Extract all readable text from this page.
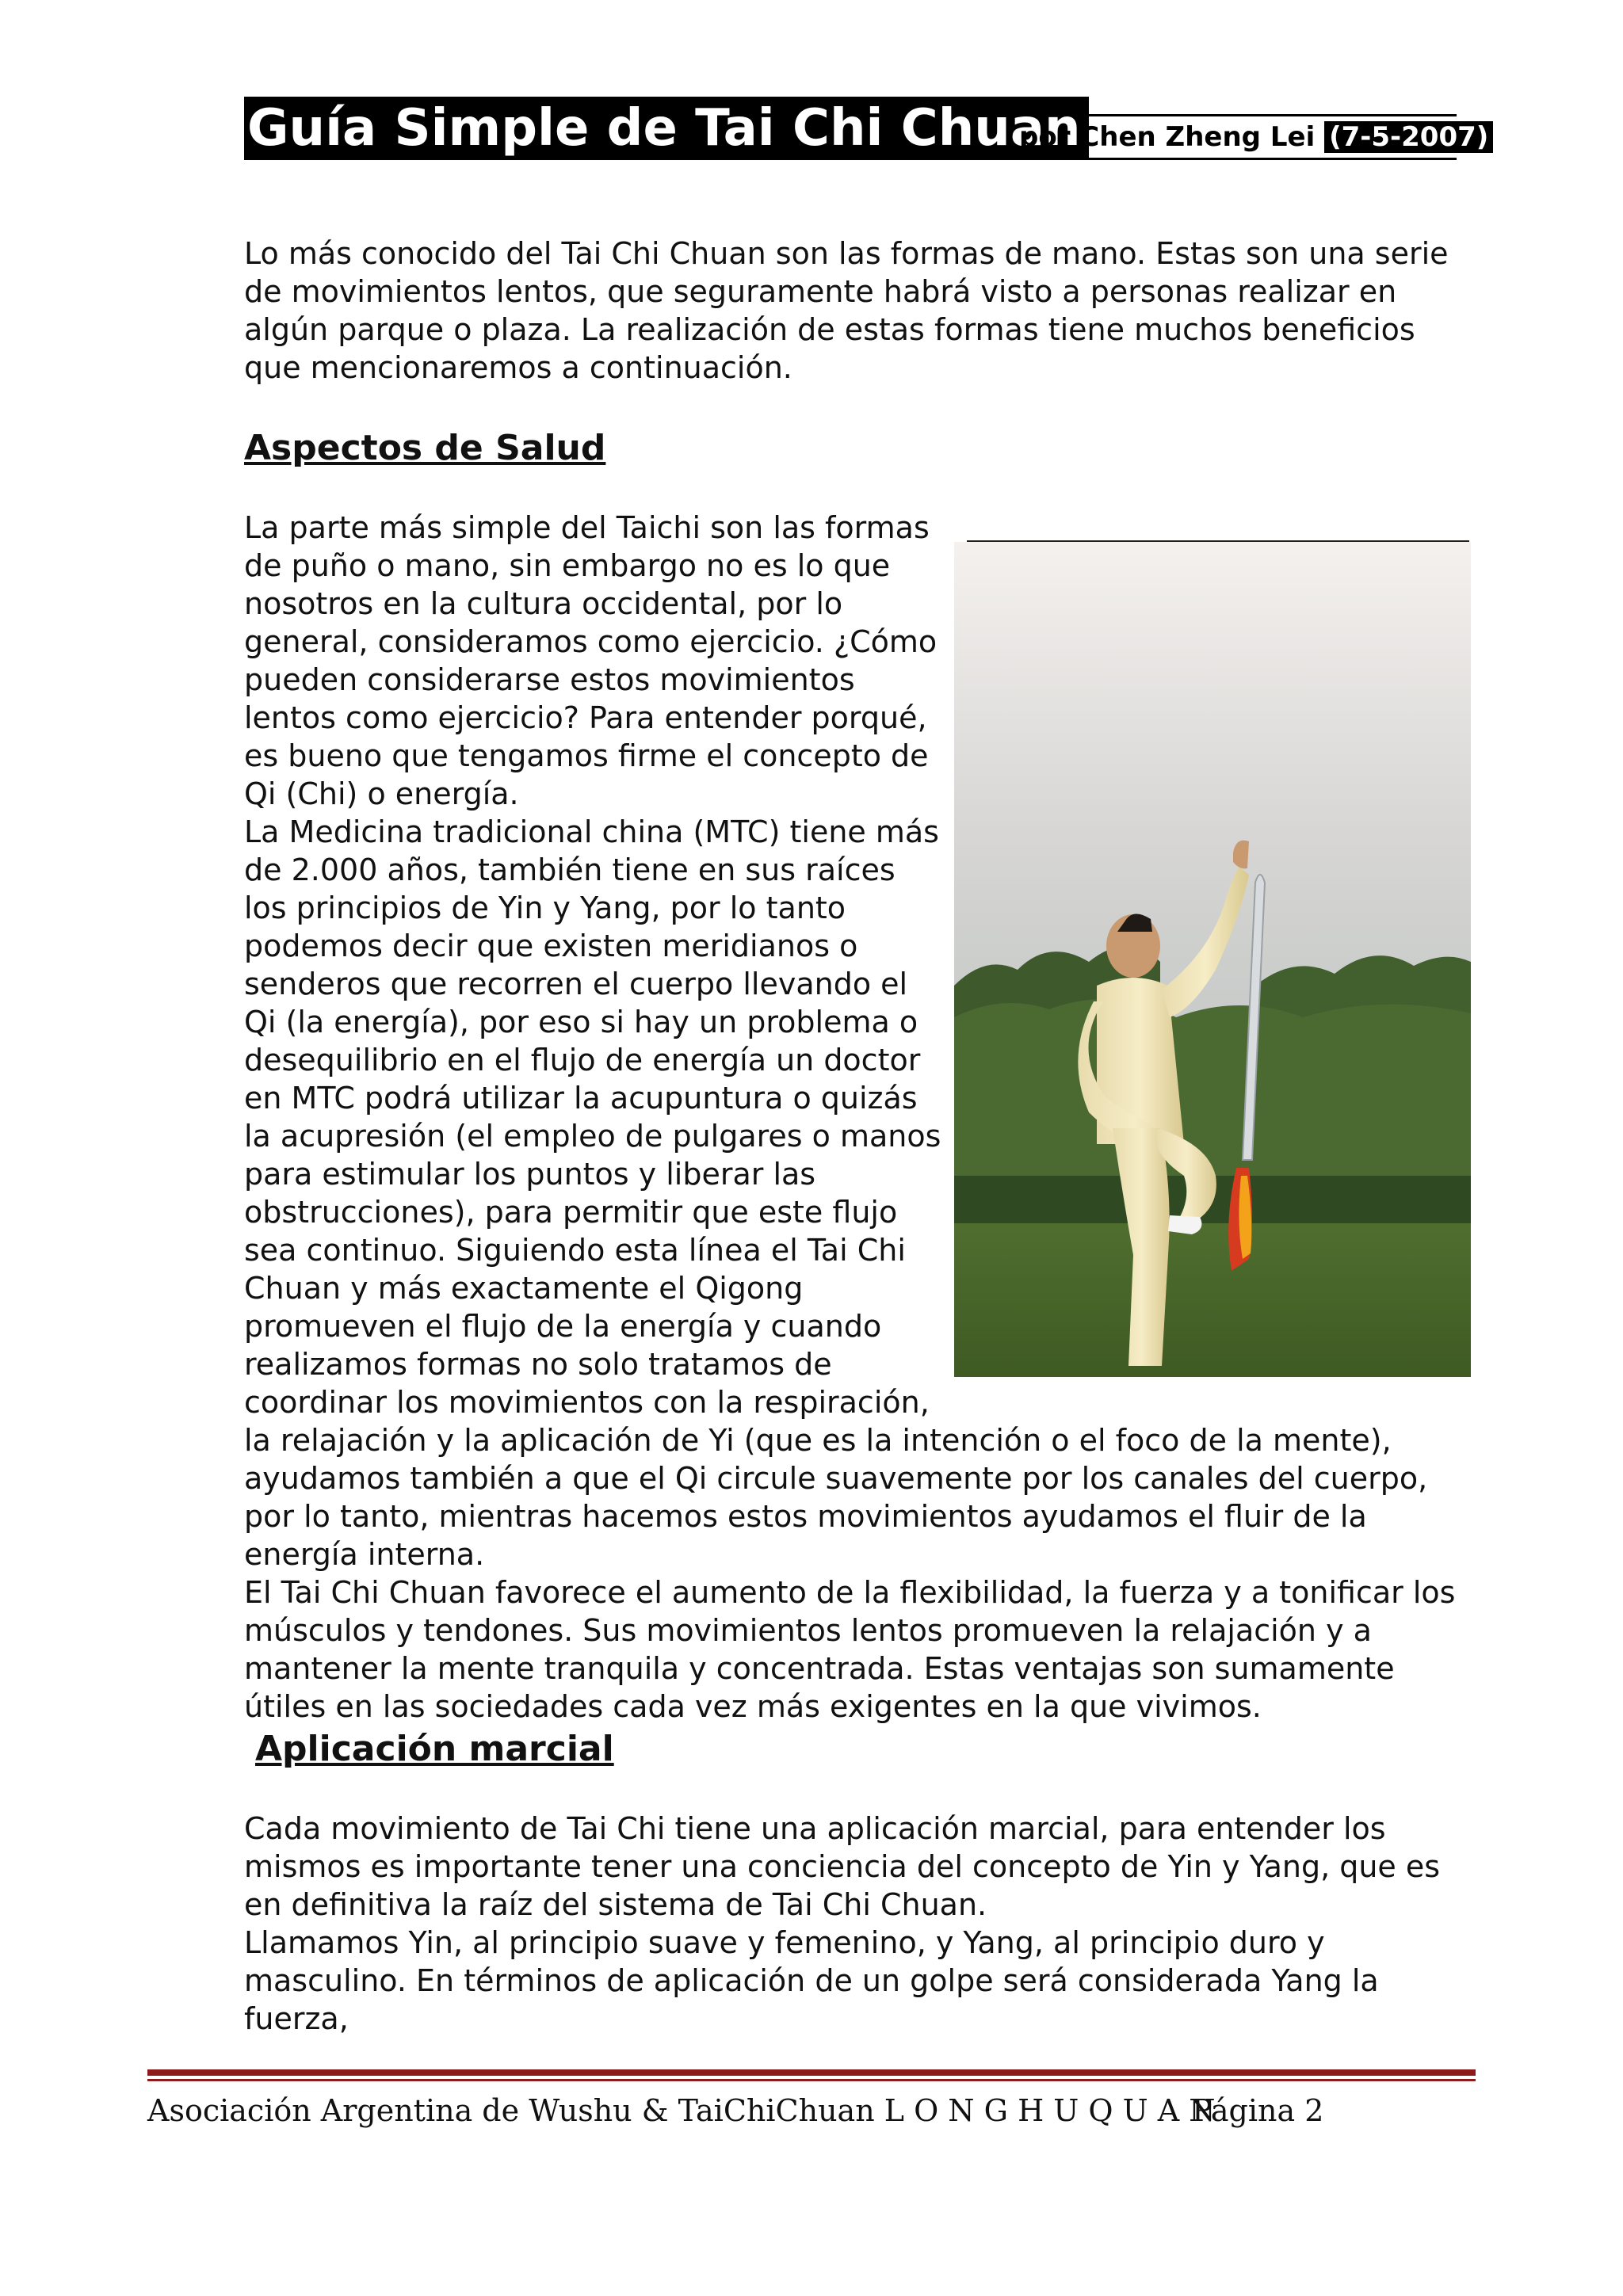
Guía Simple de Tai Chi Chuan
por Chen Zheng Lei (7-5-2007)

Lo más conocido del Tai Chi Chuan son las formas de mano. Estas son una serie de movimientos lentos, que seguramente habrá visto a personas realizar en algún parque o plaza. La realización de estas formas tiene muchos beneficios que mencionaremos a continuación.

Aspectos de Salud
La parte más simple del Taichi son las formas de puño o mano, sin embargo no es lo que nosotros en la cultura occidental, por lo general, consideramos como ejercicio. ¿Cómo pueden considerarse estos movimientos lentos como ejercicio? Para entender porqué, es bueno que tengamos firme el concepto de Qi (Chi) o energía.
La Medicina tradicional china (MTC) tiene más de 2.000 años, también tiene en sus raíces los principios de Yin y Yang, por lo tanto podemos decir que existen meridianos o senderos que recorren el cuerpo llevando el Qi (la energía), por eso si hay un problema o desequilibrio en el flujo de energía un doctor en MTC podrá utilizar la acupuntura o quizás la acupresión (el empleo de pulgares o manos para estimular los puntos y liberar las obstrucciones), para permitir que este flujo sea continuo. Siguiendo esta línea el Tai Chi Chuan y más exactamente el Qigong promueven el flujo de la energía y cuando realizamos formas no solo tratamos de coordinar los movimientos con la respiración, la relajación y la aplicación de Yi (que es la intención o el foco de la mente), ayudamos también a que el Qi circule suavemente por los canales del cuerpo, por lo tanto, mientras hacemos estos movimientos ayudamos el fluir de la energía interna.
El Tai Chi Chuan favorece el aumento de la flexibilidad, la fuerza y a tonificar los músculos y tendones. Sus movimientos lentos promueven la relajación y a mantener la mente tranquila y concentrada. Estas ventajas son sumamente útiles en las sociedades cada vez más exigentes en la que vivimos.
Aplicación marcial
Cada movimiento de Tai Chi tiene una aplicación marcial, para entender los mismos es importante tener una conciencia del concepto de Yin y Yang, que es en definitiva la raíz del sistema de Tai Chi Chuan.
Llamamos Yin, al principio suave y femenino, y Yang, al principio duro y masculino. En términos de aplicación de un golpe será considerada Yang la fuerza,
Asociación Argentina de Wushu & TaiChiChuan L O N G H U Q U A N
Página 2
